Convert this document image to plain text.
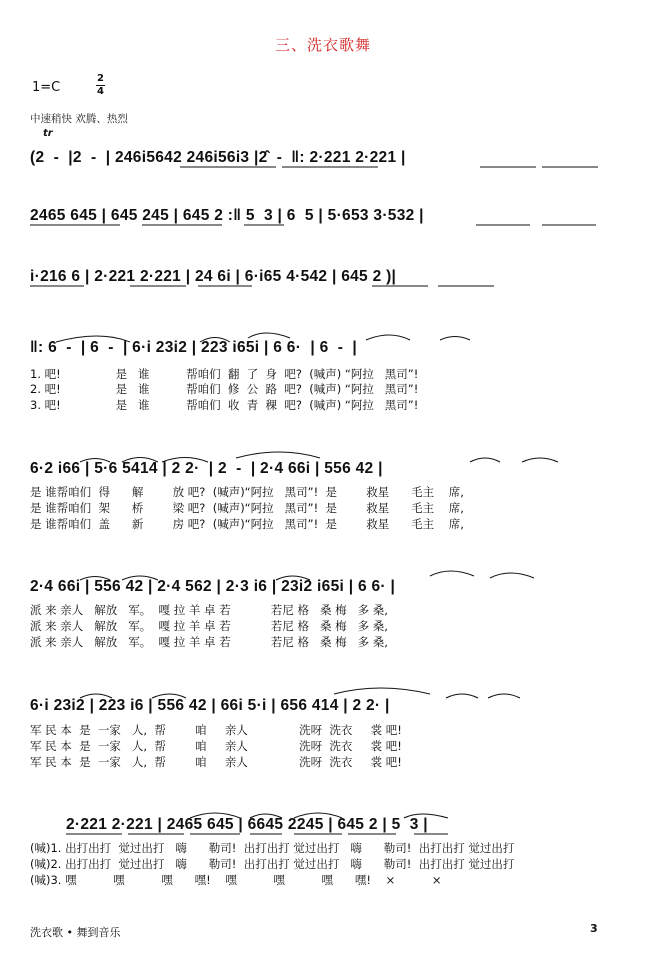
三、洗衣歌舞
1=C
2
4
中速稍快 欢腾、热烈
tr
(2  -  |2  -  | 246i5642 246i56i3 |2̂  -  ‖: 2·221 2·221 |
2465 645 | 645 245 | 645 2 :‖ 5  3 | 6  5 | 5·653 3·532 |
i·216 6 | 2·221 2·221 | 24 6i | 6·i65 4·542 | 645 2 )|
‖: 6  -  | 6  -  | 6·i 23i2 | 223 i65i | 6 6·  | 6  -  |
1. 吧!               是   谁          帮咱们  翻  了  身  吧?  (喊声) “阿拉   黑司”!
2. 吧!               是   谁          帮咱们  修  公  路  吧?  (喊声) “阿拉   黑司”!
3. 吧!               是   谁          帮咱们  收  青  稞  吧?  (喊声) “阿拉   黑司”!
6·2 i66 | 5·6 5414 | 2 2·  | 2  -  | 2·4 66i | 556 42 |
是 谁帮咱们  得      解        放 吧?  (喊声)“阿拉   黑司”!  是        救星      毛主    席,
是 谁帮咱们  架      桥        梁 吧?  (喊声)“阿拉   黑司”!  是        救星      毛主    席,
是 谁帮咱们  盖      新        房 吧?  (喊声)“阿拉   黑司”!  是        救星      毛主    席,
2·4 66i | 556 42 | 2·4 562 | 2·3 i6 | 23i2 i65i | 6 6· |
派 来 亲人   解放   军。  嘎 拉 羊 卓 若           若尼 格   桑 梅   多 桑,
派 来 亲人   解放   军。  嘎 拉 羊 卓 若           若尼 格   桑 梅   多 桑,
派 来 亲人   解放   军。  嘎 拉 羊 卓 若           若尼 格   桑 梅   多 桑,
6·i 23i2 | 223 i6 | 556 42 | 66i 5·i | 656 414 | 2 2· |
军 民 本  是  一家   人,  帮        咱     亲人              洗呀  洗衣     裳 吧!
军 民 本  是  一家   人,  帮        咱     亲人              洗呀  洗衣     裳 吧!
军 民 本  是  一家   人,  帮        咱     亲人              洗呀  洗衣     裳 吧!
2·221 2·221 | 2465 645 | 6645 2245 | 645 2 | 5  3 |
(喊)1. 出打出打  觉过出打   嗨      勒司!  出打出打 觉过出打   嗨      勒司!  出打出打 觉过出打
(喊)2. 出打出打  觉过出打   嗨      勒司!  出打出打 觉过出打   嗨      勒司!  出打出打 觉过出打
(喊)3. 嘿          嘿          嘿      嘿!    嘿          嘿          嘿      嘿!    ×          ×
洗衣歌 • 舞到音乐	3
